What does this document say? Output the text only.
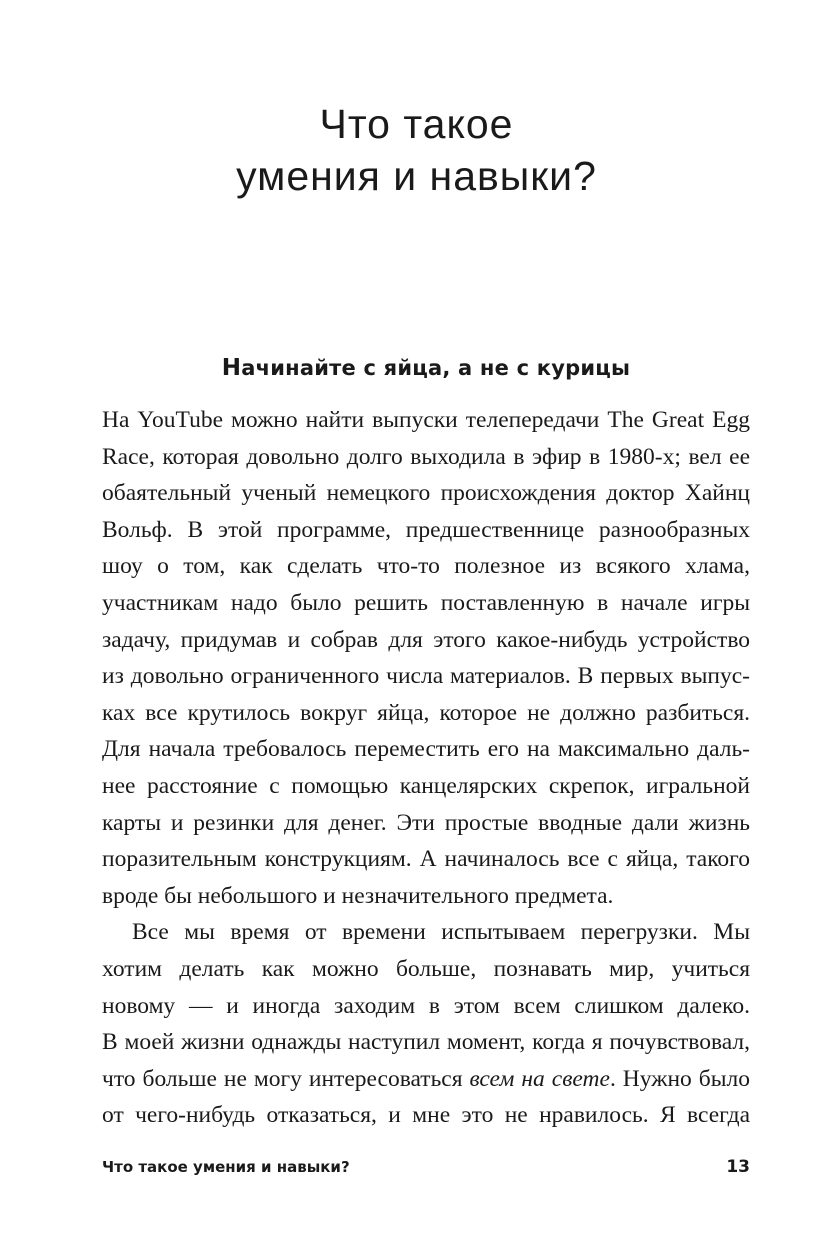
Что такое
умения и навыки?
Начинайте с яйца, а не с курицы
На YouTube можно найти выпуски телепередачи The Great Egg
Race, которая довольно долго выходила в эфир в 1980-х; вел ее
обаятельный ученый немецкого происхождения доктор Хайнц
Вольф. В этой программе, предшественнице разнообразных
шоу о том, как сделать что-то полезное из всякого хлама,
участникам надо было решить поставленную в начале игры
задачу, придумав и собрав для этого какое-нибудь устройство
из довольно ограниченного числа материалов. В первых выпус-
ках все крутилось вокруг яйца, которое не должно разбиться.
Для начала требовалось переместить его на максимально даль-
нее расстояние с помощью канцелярских скрепок, игральной
карты и резинки для денег. Эти простые вводные дали жизнь
поразительным конструкциям. А начиналось все с яйца, такого
вроде бы небольшого и незначительного предмета.
Все мы время от времени испытываем перегрузки. Мы
хотим делать как можно больше, познавать мир, учиться
новому — и иногда заходим в этом всем слишком далеко.
В моей жизни однажды наступил момент, когда я почувствовал,
что больше не могу интересоваться всем на свете. Нужно было
от чего-нибудь отказаться, и мне это не нравилось. Я всегда
Что такое умения и навыки?	13
